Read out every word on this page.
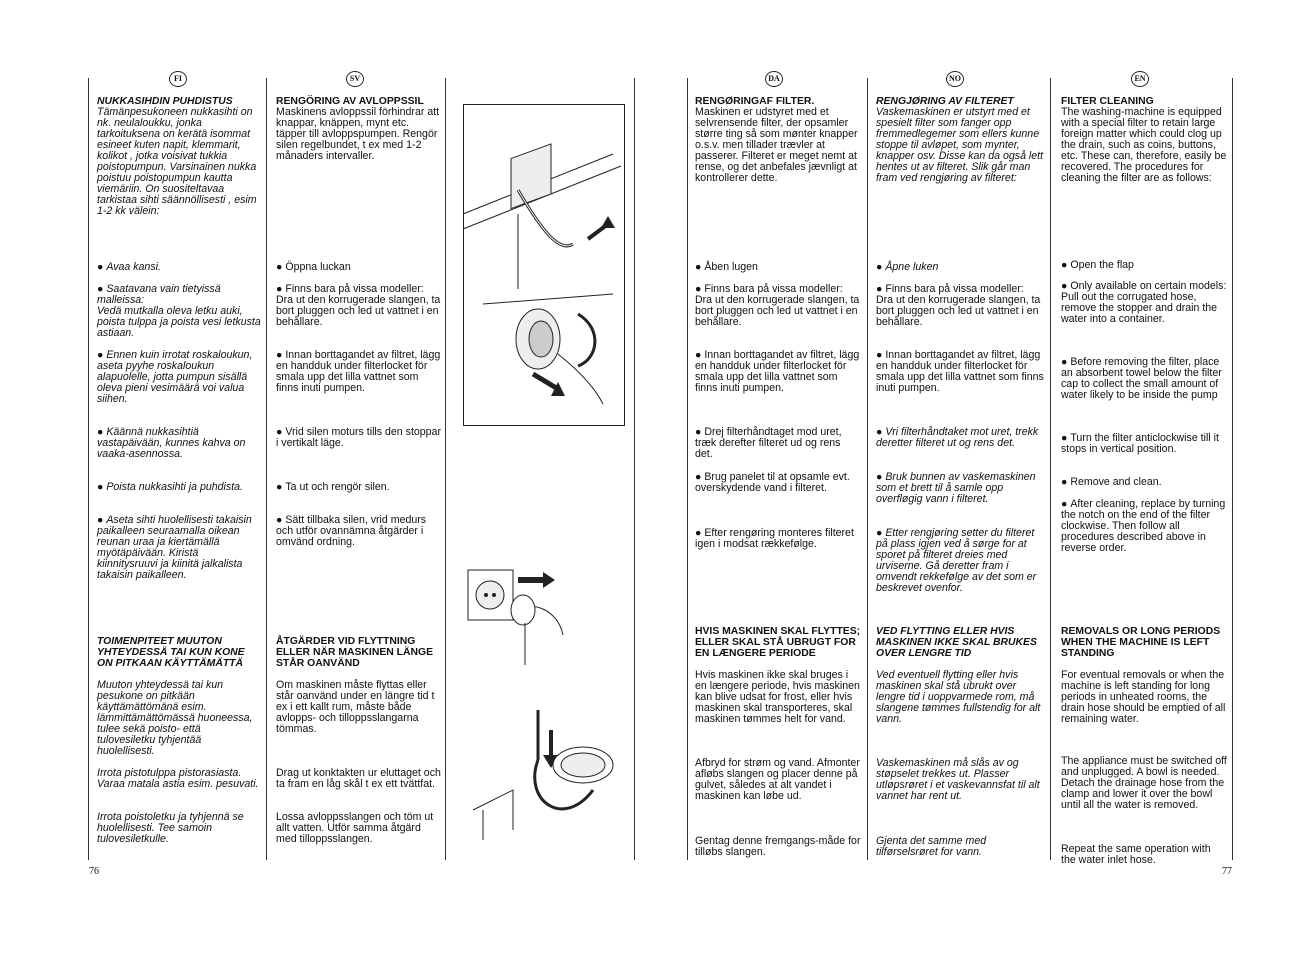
FI	SV	DA	NO	EN
76	77
NUKKASIHDIN PUHDISTUS
Tämänpesukoneen nukkasihti on nk. neulaloukku, jonka tarkoituksena on kerätä isommat esineet kuten napit, klemmarit, kolikot , jotka voisivat tukkia poistopumpun. Varsinainen nukka poistuu poistopumpun kautta viemäriin. On suositeltavaa tarkistaa sihti säännöllisesti , esim 1-2 kk välein:
● Avaa kansi.
● Saatavana vain tietyissä malleissa:
Vedä mutkalla oleva letku auki, poista tulppa ja poista vesi letkusta astiaan.
● Ennen kuin irrotat roskaloukun, aseta pyyhe roskaloukun alapuolelle, jotta pumpun sisällä oleva pieni vesimäärä voi valua siihen.
● Käännä nukkasihtiä vastapäivään, kunnes kahva on vaaka-asennossa.
● Poista nukkasihti ja puhdista.
● Aseta sihti huolellisesti takaisin paikalleen seuraamalla oikean reunan uraa ja kiertämällä myötäpäivään. Kiristä kiinnitysruuvi ja kiinitä jalkalista takaisin paikalleen.
TOIMENPITEET MUUTON YHTEYDESSÄ TAI KUN KONE ON PITKAAN KÄYTTÄMÄTTÄ
Muuton yhteydessä tai kun pesukone on pitkään käyttämättömänä esim. lämmittämättömässä huoneessa, tulee sekä poisto- että tulovesiletku tyhjentää huolellisesti.
Irrota pistotulppa pistorasiasta. Varaa matala astia esim. pesuvati.
Irrota poistoletku ja tyhjennä se huolellisesti. Tee samoin tulovesiletkulle.
RENGÖRING AV AVLOPPSSIL
Maskinens avloppssil förhindrar att knappar, knäppen, mynt etc. täpper till avloppspumpen. Rengör silen regelbundet, t ex med 1-2 månaders intervaller.
● Öppna luckan
● Finns bara på vissa modeller:
Dra ut den korrugerade slangen, ta bort pluggen och led ut vattnet i en behållare.
● Innan borttagandet av filtret, lägg en handduk under filterlocket för smala upp det lilla vattnet som finns inuti pumpen.
● Vrid silen moturs tills den stoppar i vertikalt läge.
● Ta ut och rengör silen.
● Sätt tillbaka silen, vrid medurs och utför ovannämna åtgärder i omvänd ordning.
ÅTGÄRDER VID FLYTTNING ELLER NÄR MASKINEN LÄNGE STÅR OANVÄND
Om maskinen måste flyttas eller står oanvänd under en längre tid t ex i ett kallt rum, måste både avlopps- och tilloppsslangarna tömmas.
Drag ut konktakten ur eluttaget och ta fram en låg skål t ex ett tvättfat.
Lossa avloppsslangen och töm ut allt vatten. Utför samma åtgärd med tilloppsslangen.
RENGØRINGAF FILTER.
Maskinen er udstyret med et selvrensende filter, der opsamler større ting så som mønter knapper o.s.v. men tillader trævler at passerer. Filteret er meget nemt at rense, og det anbefales jævnligt at kontrollerer dette.
● Åben lugen
● Finns bara på vissa modeller:
Dra ut den korrugerade slangen, ta bort pluggen och led ut vattnet i en behållare.
● Innan borttagandet av filtret, lägg en handduk under filterlocket för smala upp det lilla vattnet som finns inuti pumpen.
● Drej filterhåndtaget mod uret, træk derefter filteret ud og rens det.
● Brug panelet til at opsamle evt. overskydende vand i filteret.
● Efter rengøring monteres filteret igen i modsat rækkefølge.
HVIS MASKINEN SKAL FLYTTES; ELLER SKAL STÅ UBRUGT FOR EN LÆNGERE PERIODE
Hvis maskinen ikke skal bruges i en længere periode, hvis maskinen kan blive udsat for frost, eller hvis maskinen skal transporteres, skal maskinen tømmes helt for vand.
Afbryd for strøm og vand. Afmonter afløbs slangen og placer denne på gulvet, således at alt vandet i maskinen kan løbe ud.
Gentag denne fremgangs-måde for tilløbs slangen.
RENGJØRING AV FILTERET
Vaskemaskinen er utstyrt med et spesielt filter som fanger opp fremmedlegemer som ellers kunne stoppe til avløpet, som mynter, knapper osv. Disse kan da også lett hentes ut av filteret. Slik går man fram ved rengjøring av filteret:
● Åpne luken
● Finns bara på vissa modeller:
Dra ut den korrugerade slangen, ta bort pluggen och led ut vattnet i en behållare.
● Innan borttagandet av filtret, lägg en handduk under filterlocket för smala upp det lilla vattnet som finns inuti pumpen.
● Vri filterhåndtaket mot uret, trekk deretter filteret ut og rens det.
● Bruk bunnen av vaskemaskinen som et brett til å samle opp overfløgig vann i filteret.
● Etter rengjøring setter du filteret på plass igjen ved å sørge for at sporet på filteret dreies med urviserne. Gå deretter fram i omvendt rekkefølge av det som er beskrevet ovenfor.
VED FLYTTING ELLER HVIS MASKINEN IKKE SKAL BRUKES OVER LENGRE TID
Ved eventuell flytting eller hvis maskinen skal stå ubrukt over lengre tid i uoppvarmede rom, må slangene tømmes fullstendig for alt vann.
Vaskemaskinen må slås av og støpselet trekkes ut. Plasser utløpsrøret i et vaskevannsfat til alt vannet har rent ut.
Gjenta det samme med tilførselsrøret for vann.
FILTER CLEANING
The washing-machine is equipped with a special filter to retain large foreign matter which could clog up the drain, such as coins, buttons, etc. These can, therefore, easily be recovered. The procedures for cleaning the filter are as follows:
● Open the flap
● Only available on certain models:
Pull out the corrugated hose, remove the stopper and drain the water into a container.
● Before removing the filter, place an absorbent towel below the filter
cap to collect the small amount of water likely to be inside the pump
● Turn the filter anticlockwise till it stops in vertical position.
● Remove and clean.
● After cleaning, replace by turning the notch on the end of the filter clockwise. Then follow all procedures described above in reverse order.
REMOVALS OR LONG PERIODS WHEN THE MACHINE IS LEFT STANDING
For eventual removals or when the machine is left standing for long periods in unheated rooms, the drain hose should be emptied of all remaining water.
The appliance must be switched off and unplugged. A bowl is needed. Detach the drainage hose from the clamp and lower it over the bowl until all the water is removed.
Repeat the same operation with the water inlet hose.
